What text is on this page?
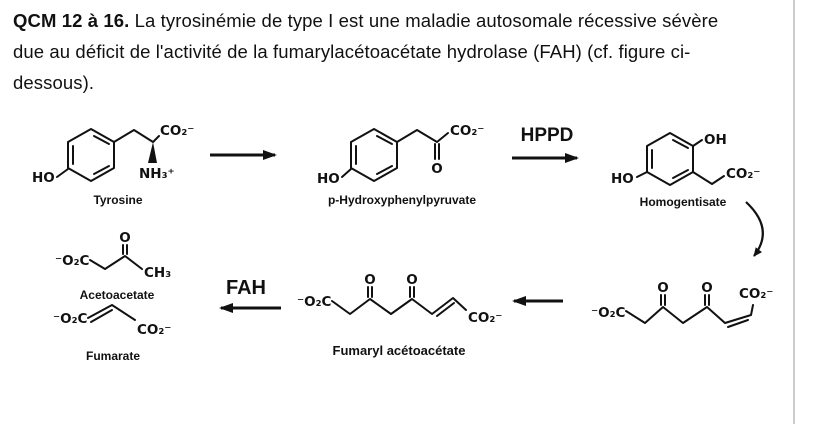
QCM 12 à 16. La tyrosinémie de type I est une maladie autosomale récessive sévère
due au déficit de l'activité de la fumarylacétoacétate hydrolase (FAH) (cf. figure ci-
dessous).
HO
CO₂⁻
NH₃⁺
Tyrosine
HO
CO₂⁻
O
p-Hydroxyphenylpyruvate
HPPD	OH
HO	CO₂⁻
Homogentisate
⁻O₂C
O O CO₂⁻
⁻O₂C
O O
CO₂⁻
Fumaryl acétoacétate
FAH
⁻O₂C
O
CH₃
Acetoacetate
⁻O₂C
CO₂⁻
Fumarate
